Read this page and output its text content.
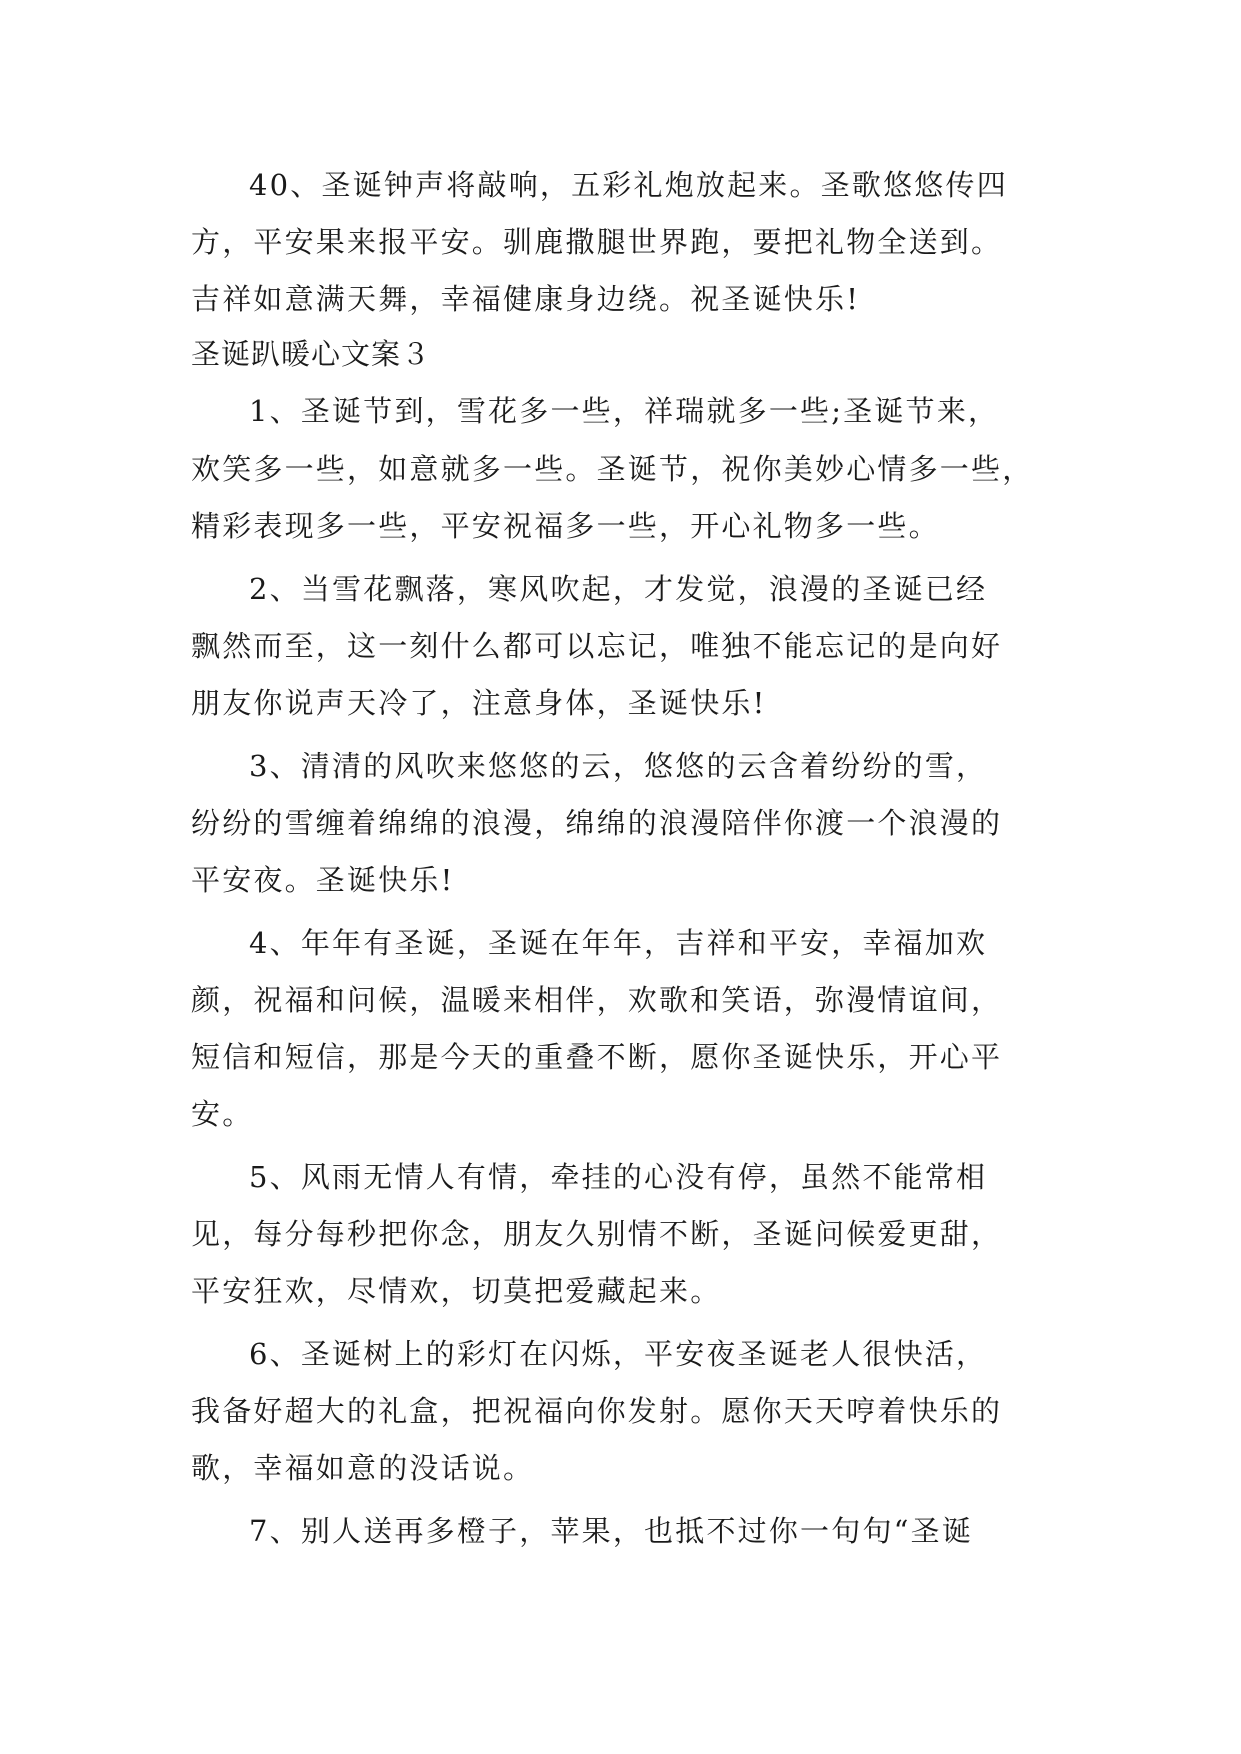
40、圣诞钟声将敲响，五彩礼炮放起来。圣歌悠悠传四
方，平安果来报平安。驯鹿撒腿世界跑，要把礼物全送到。
吉祥如意满天舞，幸福健康身边绕。祝圣诞快乐!
圣诞趴暖心文案３
1、圣诞节到，雪花多一些，祥瑞就多一些;圣诞节来，
欢笑多一些，如意就多一些。圣诞节，祝你美妙心情多一些，
精彩表现多一些，平安祝福多一些，开心礼物多一些。
2、当雪花飘落，寒风吹起，才发觉，浪漫的圣诞已经
飘然而至，这一刻什么都可以忘记，唯独不能忘记的是向好
朋友你说声天冷了，注意身体，圣诞快乐!
3、清清的风吹来悠悠的云，悠悠的云含着纷纷的雪，
纷纷的雪缠着绵绵的浪漫，绵绵的浪漫陪伴你渡一个浪漫的
平安夜。圣诞快乐!
4、年年有圣诞，圣诞在年年，吉祥和平安，幸福加欢
颜，祝福和问候，温暖来相伴，欢歌和笑语，弥漫情谊间，
短信和短信，那是今天的重叠不断，愿你圣诞快乐，开心平
安。
5、风雨无情人有情，牵挂的心没有停，虽然不能常相
见，每分每秒把你念，朋友久别情不断，圣诞问候爱更甜，
平安狂欢，尽情欢，切莫把爱藏起来。
6、圣诞树上的彩灯在闪烁，平安夜圣诞老人很快活，
我备好超大的礼盒，把祝福向你发射。愿你天天哼着快乐的
歌，幸福如意的没话说。
7、别人送再多橙子，苹果，也抵不过你一句句“圣诞
